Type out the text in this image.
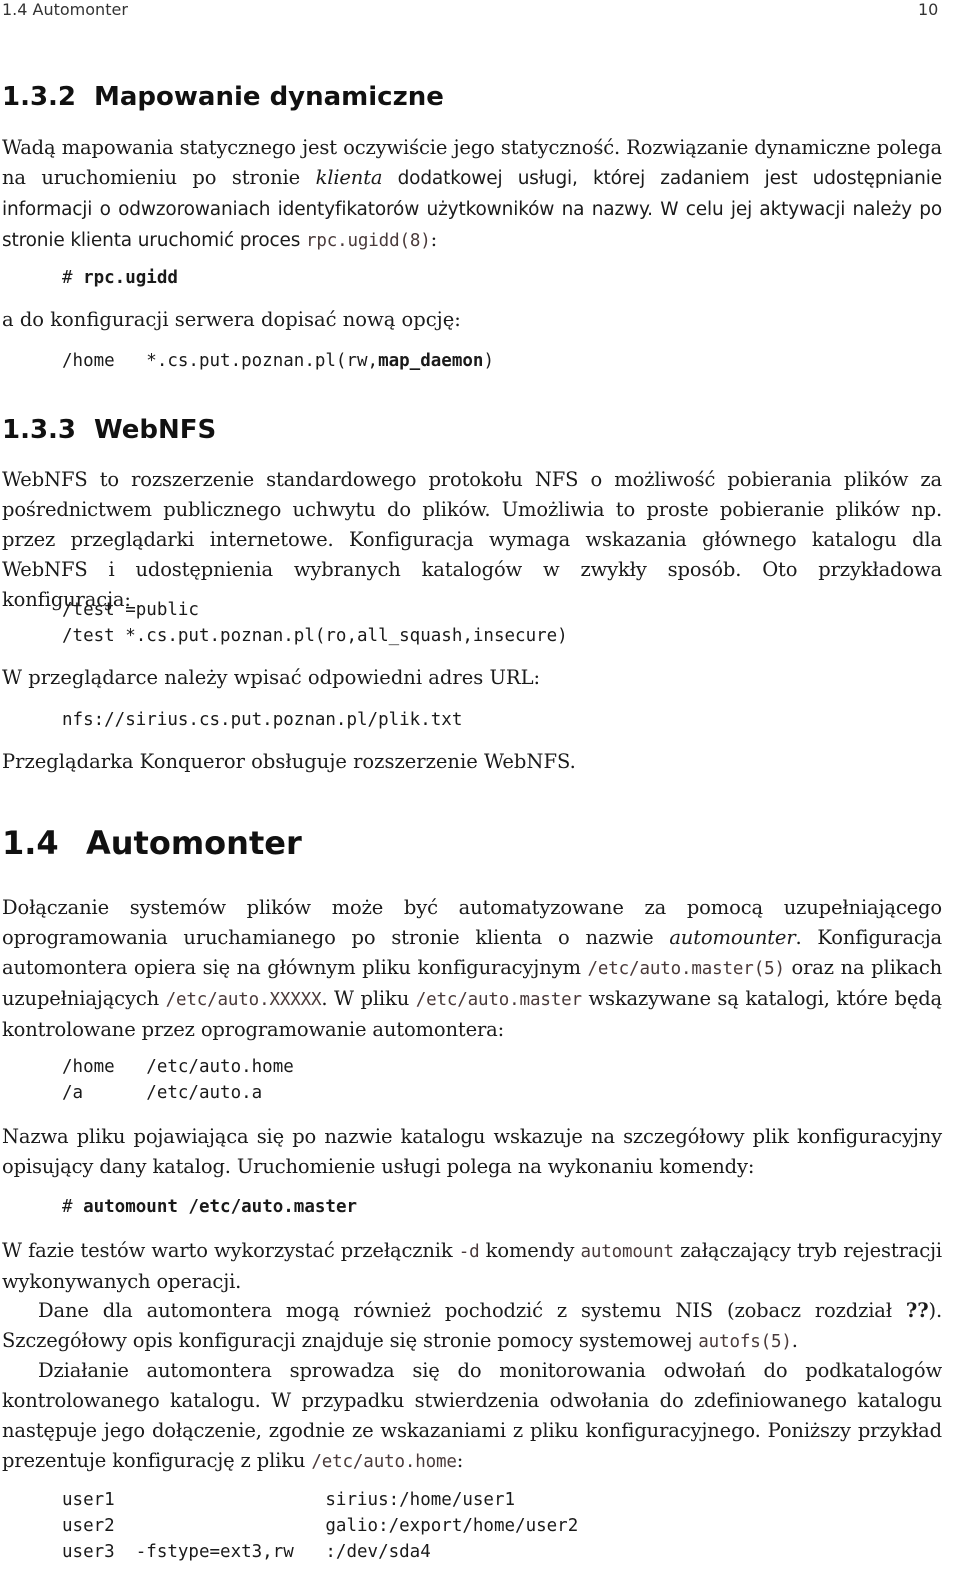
1.4 Automonter	10
1.3.2 Mapowanie dynamiczne
Wadą mapowania statycznego jest oczywiście jego statyczność. Rozwiązanie dynamiczne polega na uruchomieniu po stronie klienta dodatkowej usługi, której zadaniem jest udostępnianie informacji o odwzorowaniach identyfikatorów użytkowników na nazwy. W celu jej aktywacji należy po stronie klienta uruchomić proces rpc.ugidd(8):
# rpc.ugidd
a do konfiguracji serwera dopisać nową opcję:
/home   *.cs.put.poznan.pl(rw,map_daemon)
1.3.3 WebNFS
WebNFS to rozszerzenie standardowego protokołu NFS o możliwość pobierania plików za pośrednictwem publicznego uchwytu do plików. Umożliwia to proste pobieranie plików np. przez przeglądarki internetowe. Konfiguracja wymaga wskazania głównego katalogu dla WebNFS i udostępnienia wybranych katalogów w zwykły sposób. Oto przykładowa konfiguracja:
/test =public
/test *.cs.put.poznan.pl(ro,all_squash,insecure)
W przeglądarce należy wpisać odpowiedni adres URL:
nfs://sirius.cs.put.poznan.pl/plik.txt
Przeglądarka Konqueror obsługuje rozszerzenie WebNFS.
1.4 Automonter
Dołączanie systemów plików może być automatyzowane za pomocą uzupełniającego oprogramowania uruchamianego po stronie klienta o nazwie automounter. Konfiguracja automontera opiera się na głównym pliku konfiguracyjnym /etc/auto.master(5) oraz na plikach uzupełniających /etc/auto.XXXXX. W pliku /etc/auto.master wskazywane są katalogi, które będą kontrolowane przez oprogramowanie automontera:
/home   /etc/auto.home
/a      /etc/auto.a
Nazwa pliku pojawiająca się po nazwie katalogu wskazuje na szczegółowy plik konfiguracyjny opisujący dany katalog. Uruchomienie usługi polega na wykonaniu komendy:
# automount /etc/auto.master
W fazie testów warto wykorzystać przełącznik -d komendy automount załączający tryb rejestracji wykonywanych operacji.
Dane dla automontera mogą również pochodzić z systemu NIS (zobacz rozdział ??). Szczegółowy opis konfiguracji znajduje się stronie pomocy systemowej autofs(5).
Działanie automontera sprowadza się do monitorowania odwołań do podkatalogów kontrolowanego katalogu. W przypadku stwierdzenia odwołania do zdefiniowanego katalogu następuje jego dołączenie, zgodnie ze wskazaniami z pliku konfiguracyjnego. Poniższy przykład prezentuje konfigurację z pliku /etc/auto.home:
user1                    sirius:/home/user1
user2                    galio:/export/home/user2
user3  -fstype=ext3,rw   :/dev/sda4
